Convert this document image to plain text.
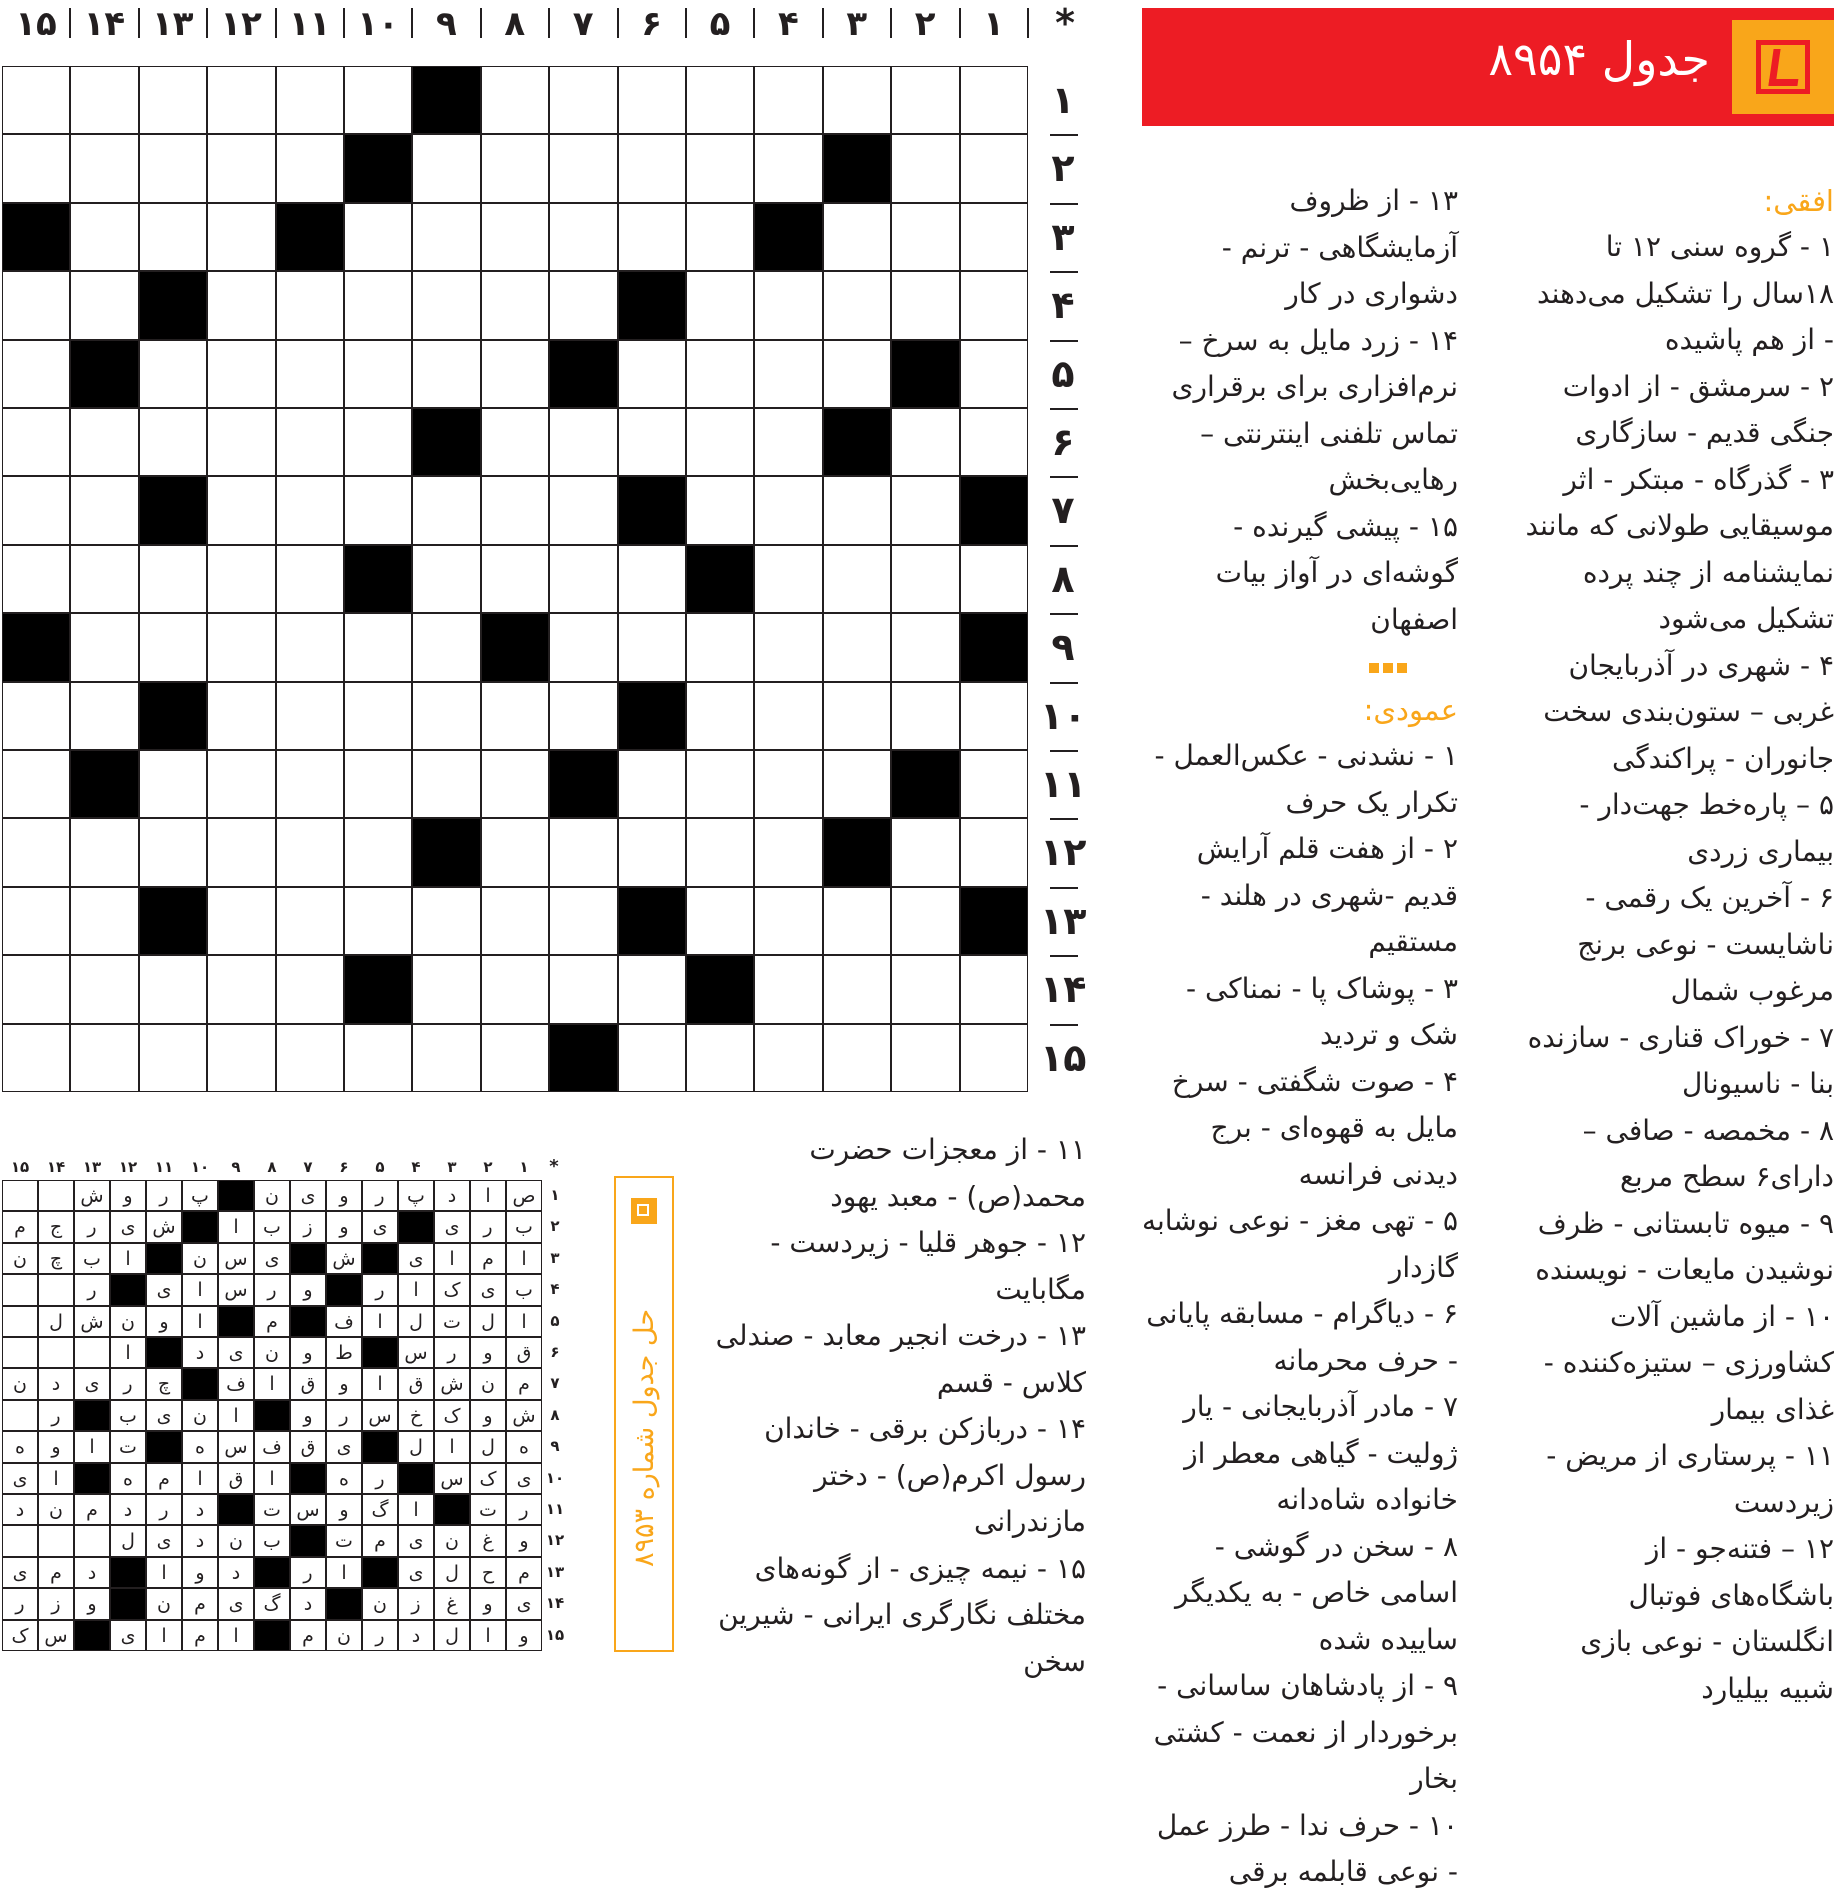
*
۱
۲
۳
۴
۵
۶
۷
۸
۹
۱۰
۱۱
۱۲
۱۳
۱۴
۱۵
۱
۲
۳
۴
۵
۶
۷
۸
۹
۱۰
۱۱
۱۲
۱۳
۱۴
۱۵
جدول ۸۹۵۴
افقی:

۱ - گروه سنی ۱۲ تا ۱۸سال را تشکیل می‌دهند - از هم پاشیده

۲ - سرمشق - از ادوات جنگی قدیم - سازگاری

۳ - گذرگاه - مبتکر - اثر موسیقایی طولانی که مانند نمایشنامه از چند پرده تشکیل می‌شود

۴ - شهری در آذربایجان غربی – ستون‌بندی سخت جانوران - پراکندگی

۵ – پاره‌خط جهت‌دار - بیماری زردی

۶ - آخرین یک رقمی - ناشایست - نوعی برنج مرغوب شمال

۷ - خوراک قناری - سازنده بنا - ناسیونال

۸ - مخمصه - صافی – دارای۶ سطح مربع

۹ - میوه تابستانی - ظرف نوشیدن مایعات - نویسنده

۱۰ - از ماشین آلات کشاورزی – ستیزه‌کننده - غذای بیمار

۱۱ - پرستاری از مریض - زیردست

۱۲ – فتنه‌جو - از باشگاه‌های فوتبال انگلستان - نوعی بازی شبیه بیلیارد

۱۳ - از ظروف آزمایشگاهی - ترنم - دشواری در کار

۱۴ - زرد مایل به سرخ – نرم‌افزاری برای برقراری تماس تلفنی اینترنتی – رهایی‌بخش

۱۵ - پیشی گیرنده - گوشه‌ای در آواز بیات اصفهان

عمودی:

۱ - نشدنی - عکس‌العمل - تکرار یک حرف

۲ - از هفت قلم آرایش قدیم -شهری در هلند - مستقیم

۳ - پوشاک پا - نمناکی - شک و تردید

۴ - صوت شگفتی - سرخ مایل به قهوه‌ای - برج دیدنی فرانسه

۵ - تهی مغز - نوعی نوشابه گازدار

۶ - دیاگرام - مسابقه پایانی - حرف محرمانه

۷ - مادر آذربایجانی - یار ژولیت - گیاهی معطر از خانواده شاه‌دانه

۸ - سخن در گوشی - اسامی خاص - به یکدیگر ساییده شده

۹ - از پادشاهان ساسانی - برخوردار از نعمت - کشتی بخار

۱۰ - حرف ندا - طرز عمل - نوعی قابلمه برقی

۱۱ - از معجزات حضرت محمد(ص) - معبد یهود

۱۲ - جوهر قلیا - زیردست - مگابایت

۱۳ - درخت انجیر معابد - صندلی کلاس - قسم

۱۴ - دربازکن برقی - خاندان رسول اکرم(ص) - دختر مازندرانی

۱۵ - نیمه چیزی - از گونه‌های مختلف نگارگری ایرانی - شیرین سخن

*
۱
۲
۳
۴
۵
۶
۷
۸
۹
۱۰
۱۱
۱۲
۱۳
۱۴
۱۵
ص
ا
د
پ
ر
و
ی
ن
پ
ر
و
ش
ب
ر
ی
ی
و
ز
ب
ا
ش
ی
ر
ج
م
ا
م
ا
ی
ش
ی
س
ن
ا
ب
چ
ن
ب
ی
ک
ا
ر
و
ر
س
ا
ی
ر
ا
ل
ت
ل
ا
ف
م
ا
و
ن
ش
ل
ق
و
ر
س
ط
و
ن
ی
د
ا
م
ن
ش
ق
ا
و
ق
ا
ف
چ
ر
ی
د
ن
ش
و
ک
خ
س
ر
و
ا
ن
ی
ب
ر
ه
ل
ا
ل
ی
ق
ف
س
ه
ت
ا
و
ه
ی
ک
س
ر
ه
ا
ق
ا
م
ه
ا
ی
ر
ت
ا
گ
و
س
ت
د
ر
د
م
ن
د
و
غ
ن
ی
م
ت
ب
ن
د
ی
ل
م
ح
ل
ی
ا
ر
د
و
ا
د
م
ی
ی
و
غ
ز
ن
د
گ
ی
م
ن
و
ز
ر
و
ا
ل
د
ر
ن
م
ا
م
ا
ی
س
ک
۱
۲
۳
۴
۵
۶
۷
۸
۹
۱۰
۱۱
۱۲
۱۳
۱۴
۱۵
حل جدول شماره ۸۹۵۳
